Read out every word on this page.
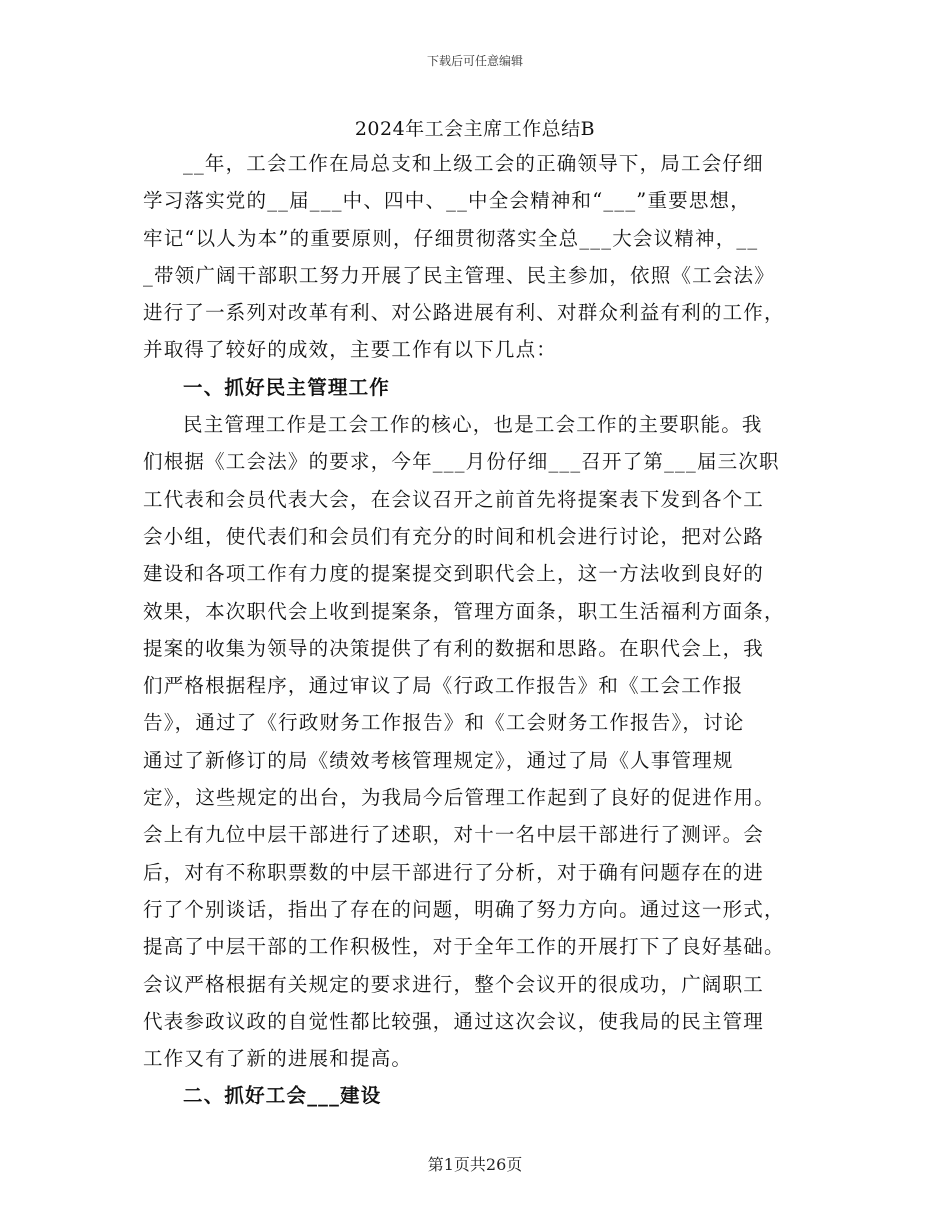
下载后可任意编辑
2024年工会主席工作总结B
__年，工会工作在局总支和上级工会的正确领导下，局工会仔细
学习落实党的__届___中、四中、__中全会精神和“___”重要思想，
牢记“以人为本”的重要原则，仔细贯彻落实全总___大会议精神，__
_带领广阔干部职工努力开展了民主管理、民主参加，依照《工会法》
进行了一系列对改革有利、对公路进展有利、对群众利益有利的工作，
并取得了较好的成效，主要工作有以下几点：
一、抓好民主管理工作
民主管理工作是工会工作的核心，也是工会工作的主要职能。我
们根据《工会法》的要求，今年___月份仔细___召开了第___届三次职
工代表和会员代表大会，在会议召开之前首先将提案表下发到各个工
会小组，使代表们和会员们有充分的时间和机会进行讨论，把对公路
建设和各项工作有力度的提案提交到职代会上，这一方法收到良好的
效果，本次职代会上收到提案条，管理方面条，职工生活福利方面条，
提案的收集为领导的决策提供了有利的数据和思路。在职代会上，我
们严格根据程序，通过审议了局《行政工作报告》和《工会工作报
告》，通过了《行政财务工作报告》和《工会财务工作报告》，讨论
通过了新修订的局《绩效考核管理规定》，通过了局《人事管理规
定》，这些规定的出台，为我局今后管理工作起到了良好的促进作用。
会上有九位中层干部进行了述职，对十一名中层干部进行了测评。会
后，对有不称职票数的中层干部进行了分析，对于确有问题存在的进
行了个别谈话，指出了存在的问题，明确了努力方向。通过这一形式，
提高了中层干部的工作积极性，对于全年工作的开展打下了良好基础。
会议严格根据有关规定的要求进行，整个会议开的很成功，广阔职工
代表参政议政的自觉性都比较强，通过这次会议，使我局的民主管理
工作又有了新的进展和提高。
二、抓好工会___建设
第1页共26页
